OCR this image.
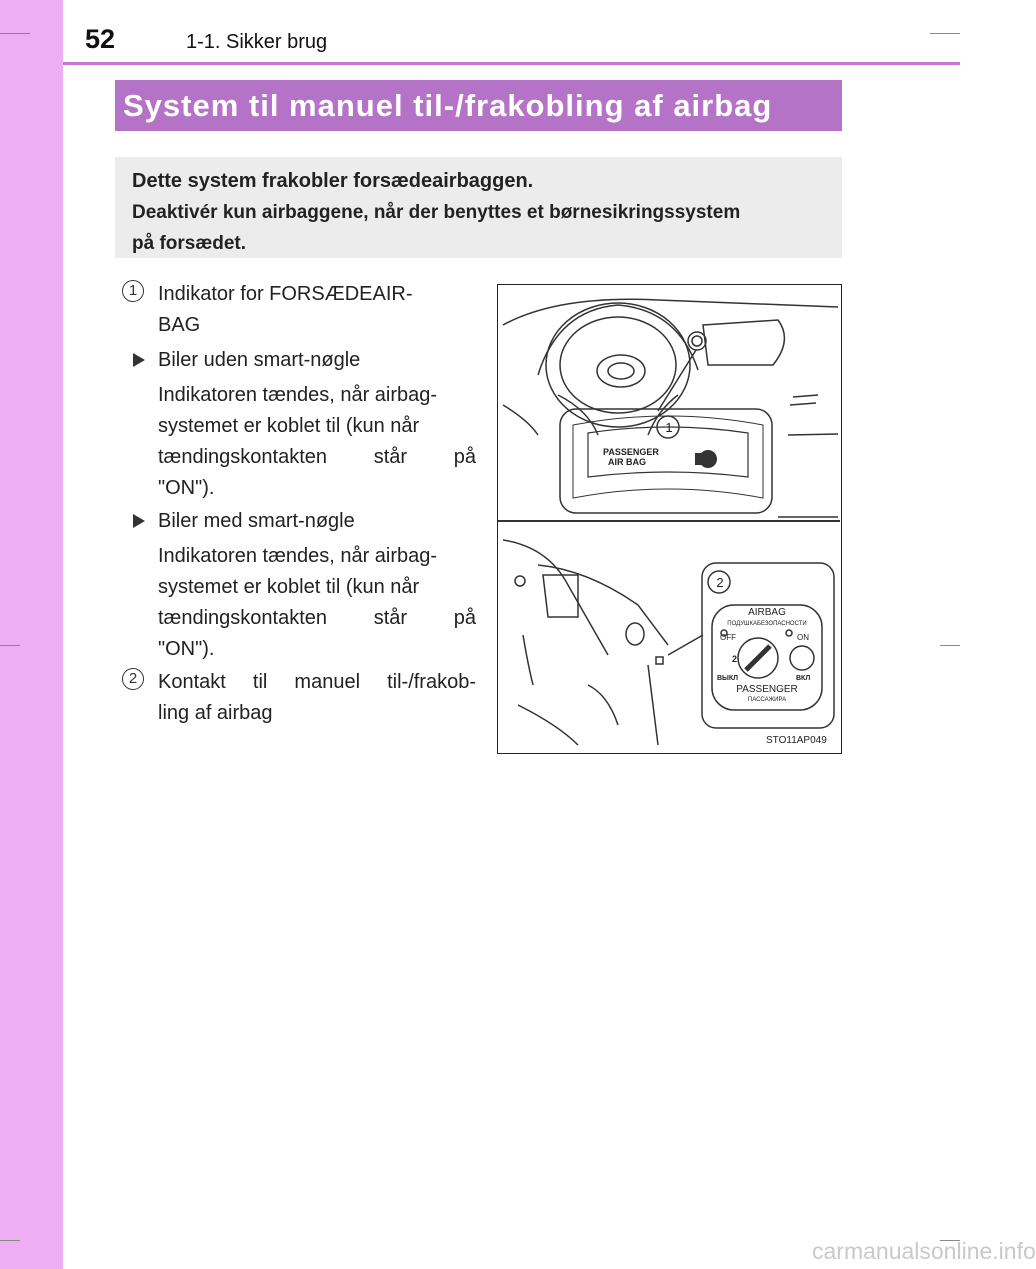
52	1-1. Sikker brug
System til manuel til-/frakobling af airbag
Dette system frakobler forsædeairbaggen.
Deaktivér kun airbaggene, når der benyttes et børnesikringssystem
på forsædet.
1	Indikator for FORSÆDEAIR-
BAG
Biler uden smart-nøgle
Indikatoren tændes, når airbag-
systemet er koblet til (kun når
tændingskontakten står på
"ON").
Biler med smart-nøgle
Indikatoren tændes, når airbag-
systemet er koblet til (kun når
tændingskontakten står på
"ON").
2	Kontakt til manuel til-/frakob-
ling af airbag
1
2
PASSENGER
AIR BAG	ON
AIRBAG
ПОДУШКАБЕЗОПАСНОСТИ
OFF	ON
2
ВЫКЛ	ВКЛ
PASSENGER
ПАССАЖИРА
STO11AP049
carmanualsonline.info
